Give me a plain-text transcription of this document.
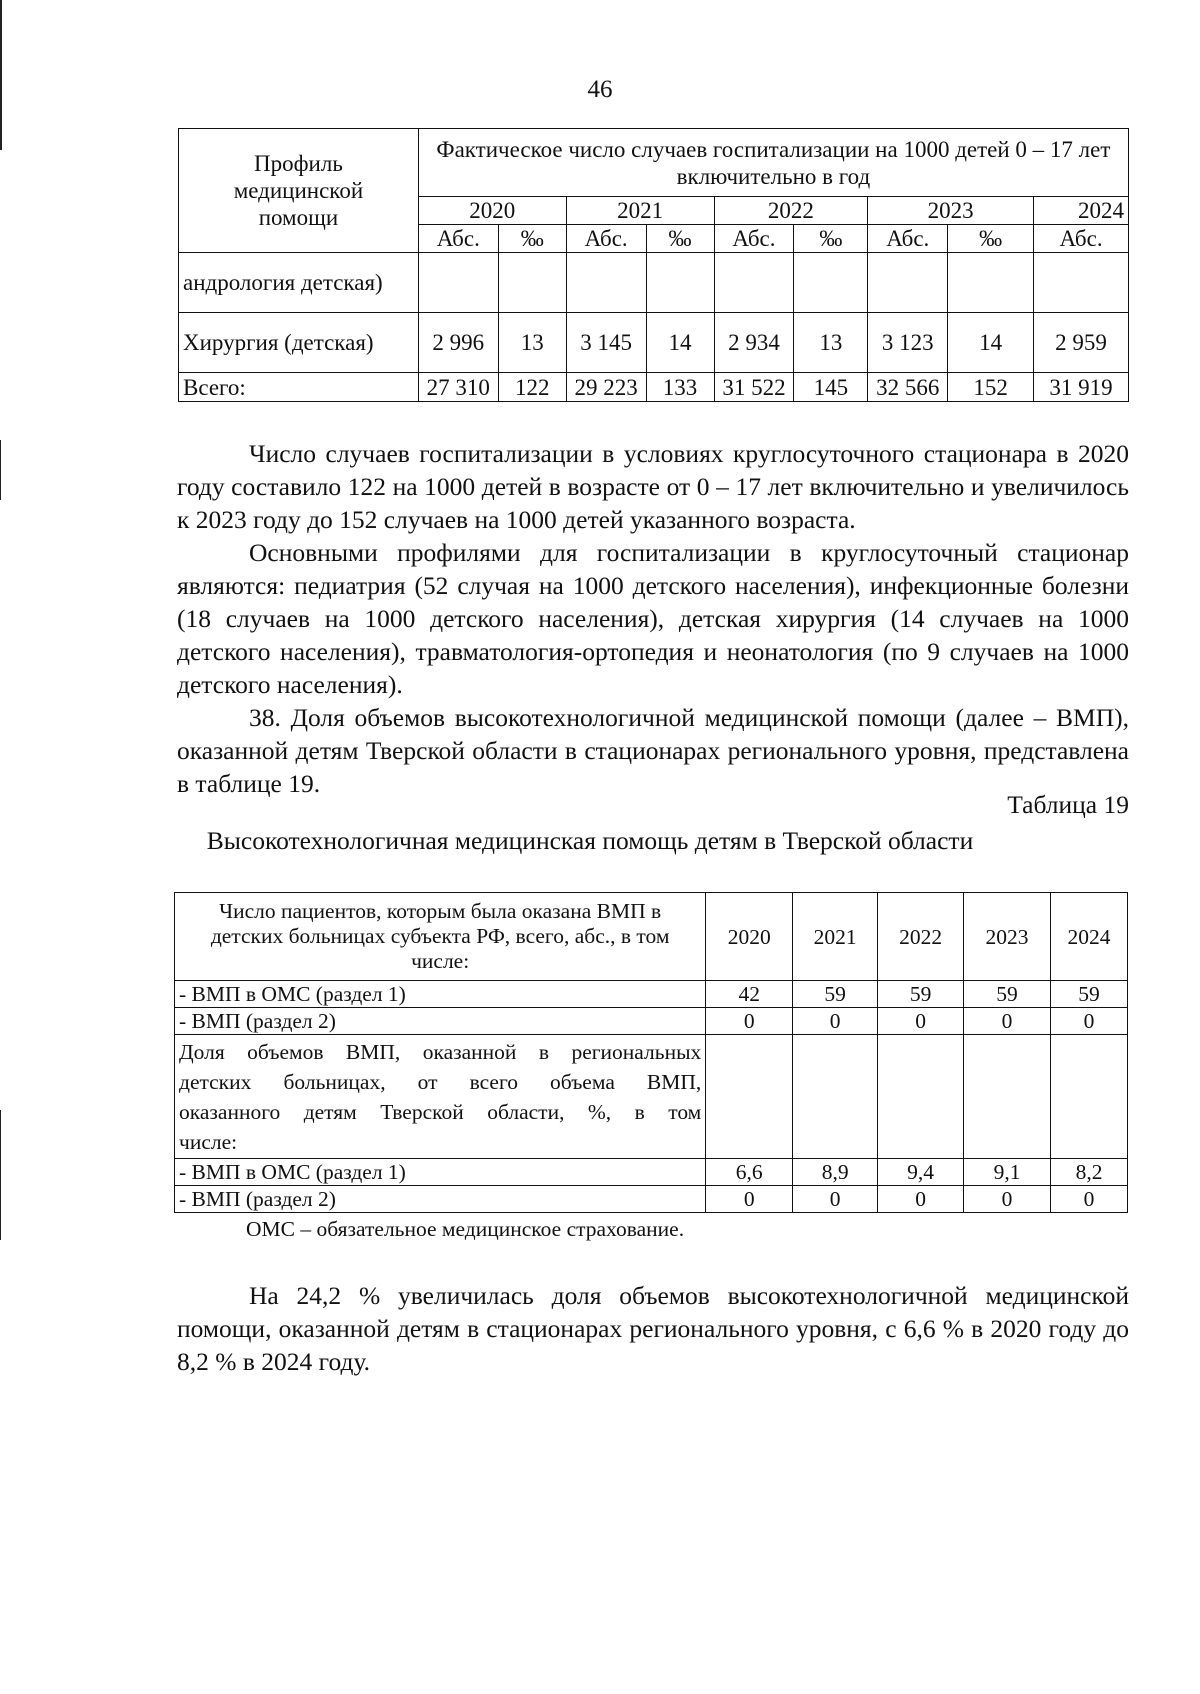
46
Профиль медицинской помощи	Фактическое число случаев госпитализации на 1000 детей 0 – 17 лет включительно в год								
	2020		2021		2022		2023		2024
	Абс.	‰	Абс.	‰	Абс.	‰	Абс.	‰	Абс.
андрология детская)									
Хирургия (детская)	2 996	13	3 145	14	2 934	13	3 123	14	2 959
Всего:	27 310	122	29 223	133	31 522	145	32 566	152	31 919

Число случаев госпитализации в условиях круглосуточного стационара в 2020 году составило 122 на 1000 детей в возрасте от 0 – 17 лет включительно и увеличилось к 2023 году до 152 случаев на 1000 детей указанного возраста.

Основными профилями для госпитализации в круглосуточный стационар являются: педиатрия (52 случая на 1000 детского населения), инфекционные болезни (18 случаев на 1000 детского населения), детская хирургия (14 случаев на 1000 детского населения), травматология-ортопедия и неонатология (по 9 случаев на 1000 детского населения).

38. Доля объемов высокотехнологичной медицинской помощи (далее – ВМП), оказанной детям Тверской области в стационарах регионального уровня, представлена в таблице 19.

Таблица 19
Высокотехнологичная медицинская помощь детям в Тверской области
Число пациентов, которым была оказана ВМП в
детских больницах субъекта РФ, всего, абс., в том
числе:	2020	2021	2022	2023	2024
- ВМП в ОМС (раздел 1)	42	59	59	59	59
- ВМП (раздел 2)	0	0	0	0	0

Доля объемов ВМП, оказанной в региональных
детских больницах, от всего объема ВМП,
оказанного детям Тверской области, %, в том
числе:					

- ВМП в ОМС (раздел 1)	6,6	8,9	9,4	9,1	8,2
- ВМП (раздел 2)	0	0	0	0	0
ОМС – обязательное медицинское страхование.

На 24,2 % увеличилась доля объемов высокотехнологичной медицинской помощи, оказанной детям в стационарах регионального уровня, с 6,6 % в 2020 году до 8,2 % в 2024 году.
